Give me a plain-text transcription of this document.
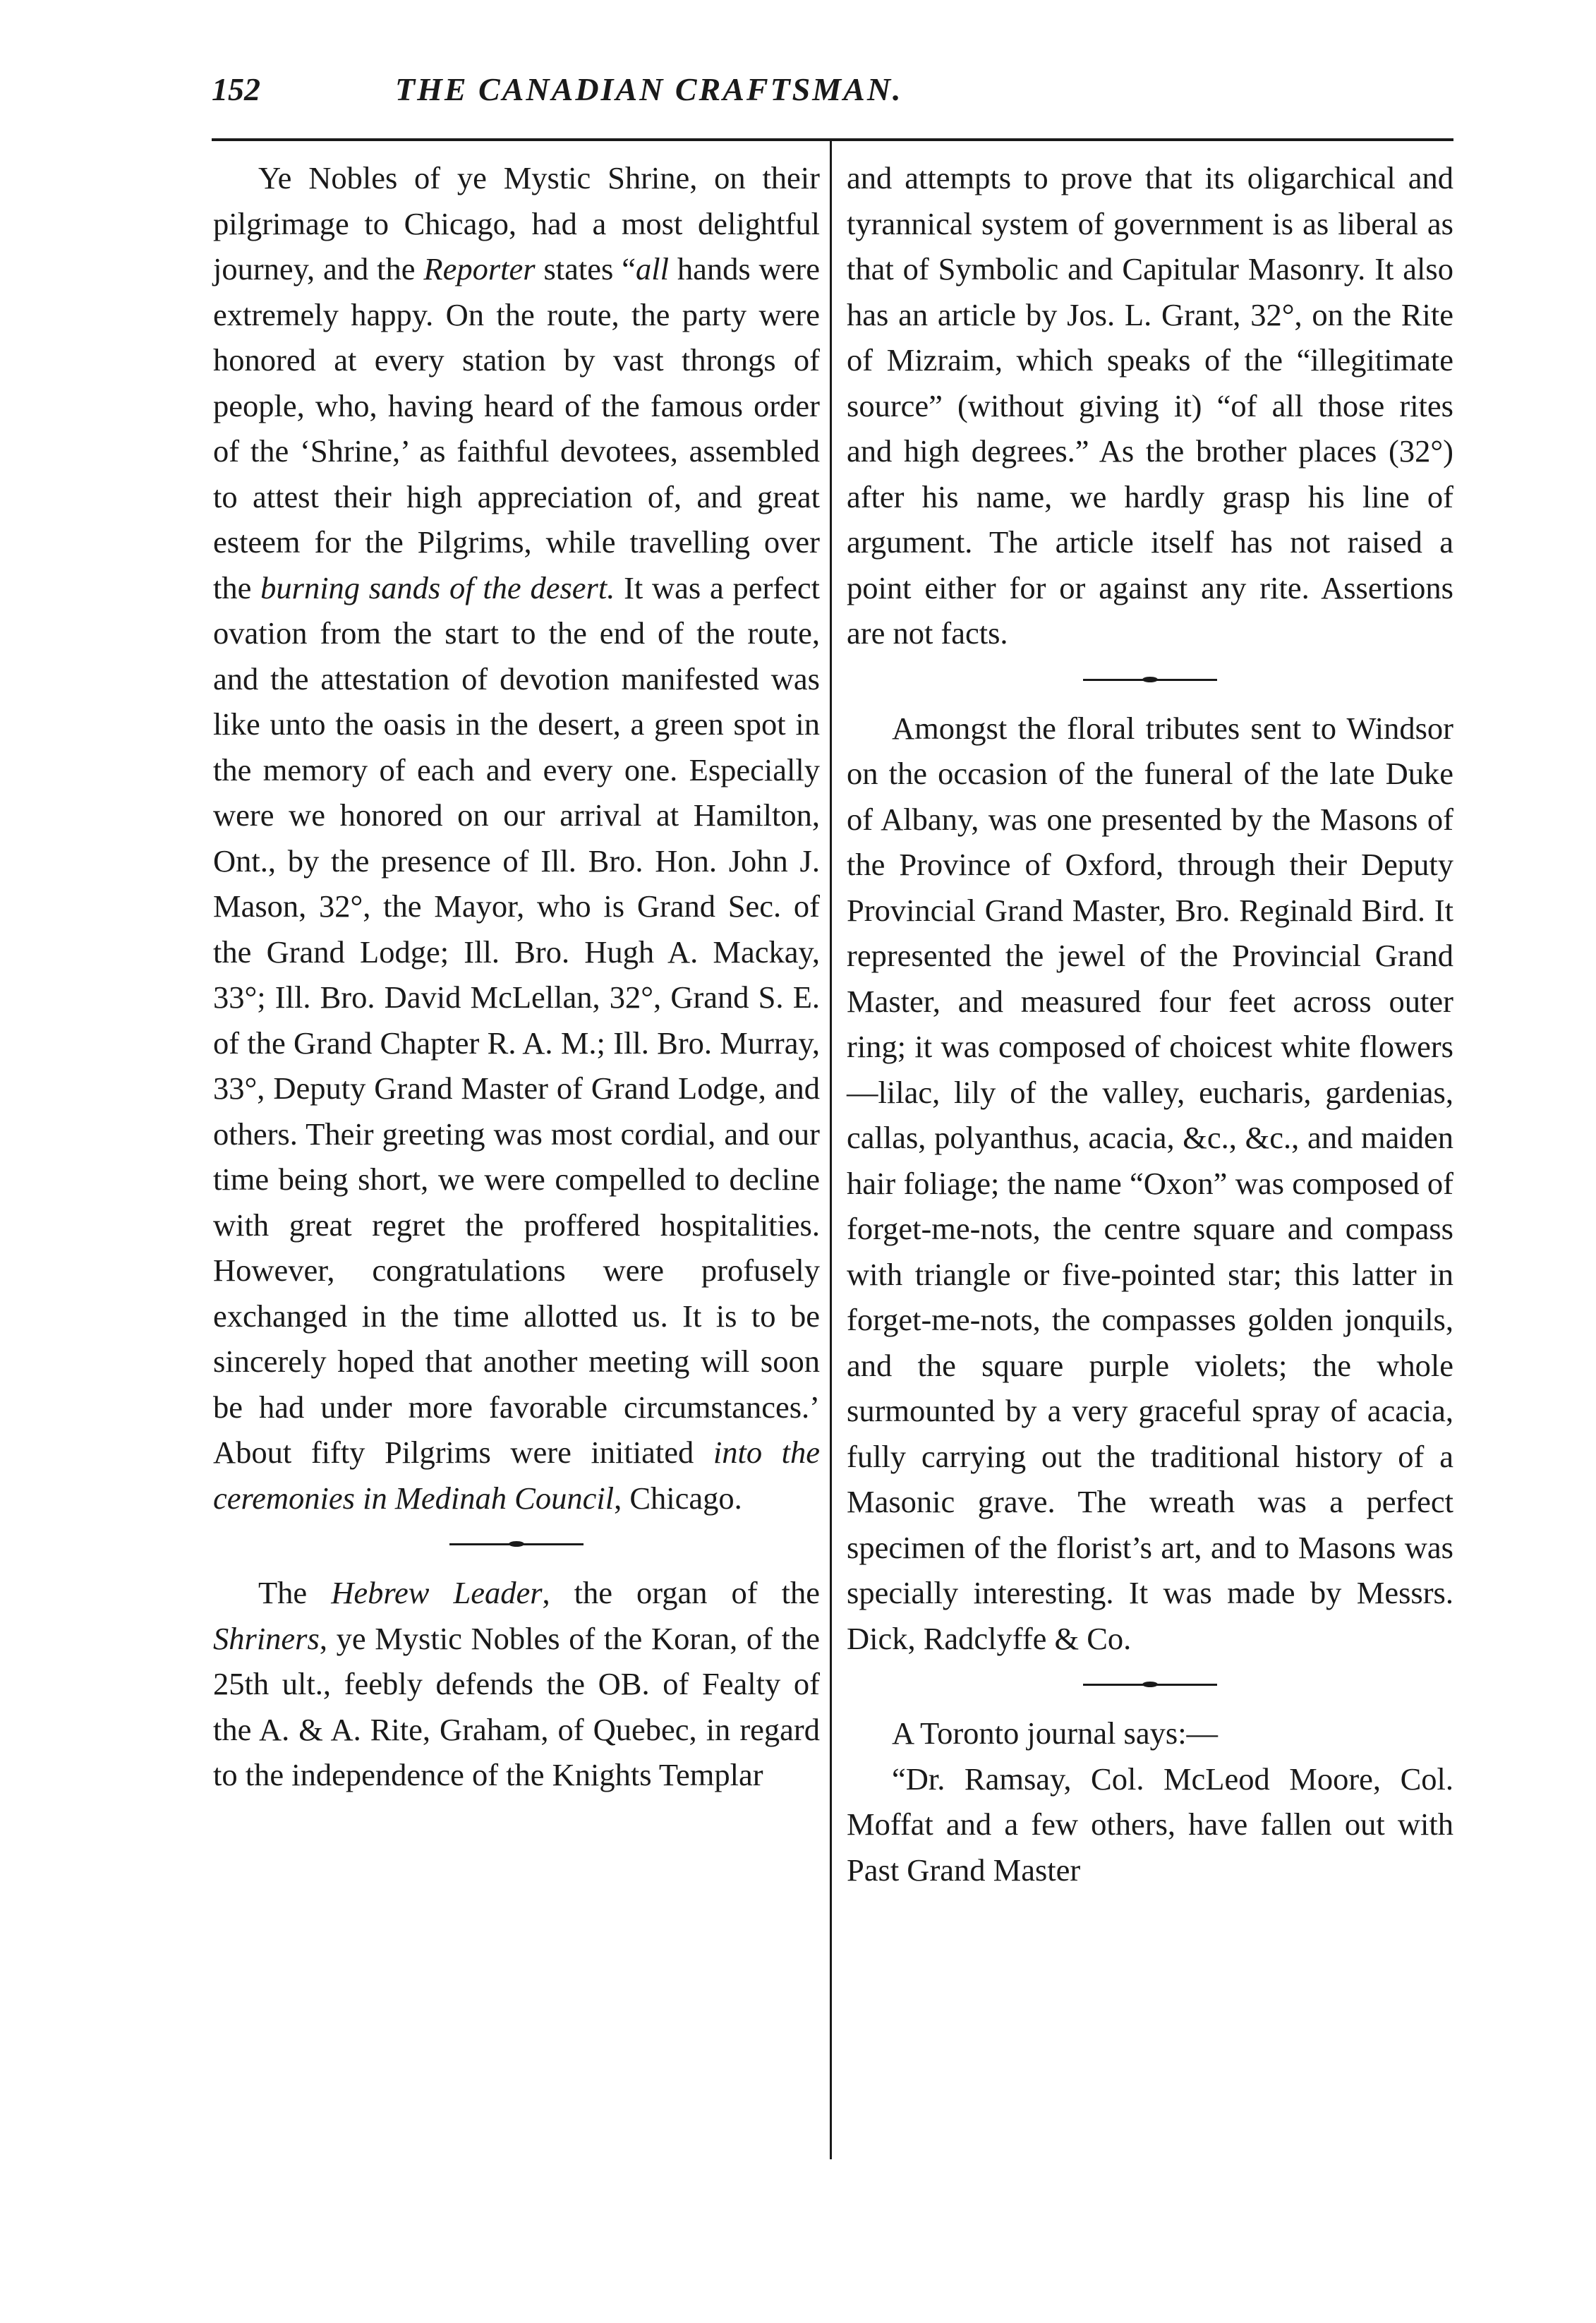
152	THE CANADIAN CRAFTSMAN.

Ye Nobles of ye Mystic Shrine, on their pilgrimage to Chicago, had a most delightful journey, and the Reporter states “all hands were extremely happy. On the route, the party were honored at every station by vast throngs of people, who, having heard of the famous order of the ‘Shrine,’ as faithful devotees, assembled to attest their high appreciation of, and great esteem for the Pilgrims, while travelling over the burning sands of the desert. It was a perfect ovation from the start to the end of the route, and the attestation of devotion manifested was like unto the oasis in the desert, a green spot in the memory of each and every one. Especially were we honored on our arrival at Hamilton, Ont., by the presence of Ill. Bro. Hon. John J. Mason, 32°, the Mayor, who is Grand Sec. of the Grand Lodge; Ill. Bro. Hugh A. Mackay, 33°; Ill. Bro. David McLellan, 32°, Grand S. E. of the Grand Chapter R. A. M.; Ill. Bro. Murray, 33°, Deputy Grand Master of Grand Lodge, and others. Their greeting was most cordial, and our time being short, we were compelled to decline with great regret the proffered hospitalities. However, congratulations were profusely exchanged in the time allotted us. It is to be sincerely hoped that another meeting will soon be had under more favorable circumstances.’ About fifty Pilgrims were initiated into the ceremonies in Medinah Council, Chicago.

The Hebrew Leader, the organ of the Shriners, ye Mystic Nobles of the Koran, of the 25th ult., feebly defends the OB. of Fealty of the A. & A. Rite, Graham, of Quebec, in regard to the independence of the Knights Templar

and attempts to prove that its oligarchical and tyrannical system of government is as liberal as that of Symbolic and Capitular Masonry. It also has an article by Jos. L. Grant, 32°, on the Rite of Mizraim, which speaks of the “illegitimate source” (without giving it) “of all those rites and high degrees.” As the brother places (32°) after his name, we hardly grasp his line of argument. The article itself has not raised a point either for or against any rite. Assertions are not facts.

Amongst the floral tributes sent to Windsor on the occasion of the funeral of the late Duke of Albany, was one presented by the Masons of the Province of Oxford, through their Deputy Provincial Grand Master, Bro. Reginald Bird. It represented the jewel of the Provincial Grand Master, and measured four feet across outer ring; it was composed of choicest white flowers—lilac, lily of the valley, eucharis, gardenias, callas, polyanthus, acacia, &c., &c., and maiden hair foliage; the name “Oxon” was composed of forget-me-nots, the centre square and compass with triangle or five-pointed star; this latter in forget-me-nots, the compasses golden jonquils, and the square purple violets; the whole surmounted by a very graceful spray of acacia, fully carrying out the traditional history of a Masonic grave. The wreath was a perfect specimen of the florist’s art, and to Masons was specially interesting. It was made by Messrs. Dick, Radclyffe & Co.

A Toronto journal says:—

“Dr. Ramsay, Col. McLeod Moore, Col. Moffat and a few others, have fallen out with Past Grand Master
